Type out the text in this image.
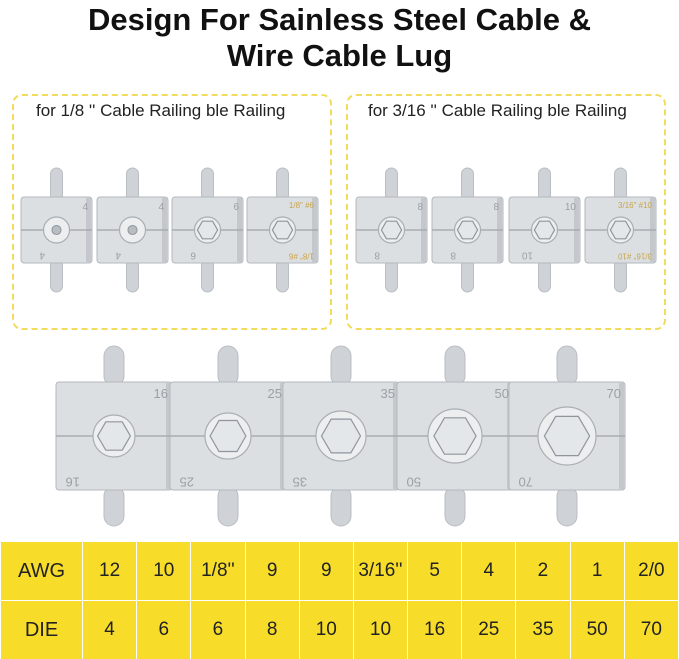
Design For Sainless Steel Cable &
Wire Cable Lug
for 1/8 '' Cable Railing ble Railing	for 3/16 '' Cable Railing ble Railing
4
4
4
4
6
6
1/8" #6
1/8" #6
8
8
8
8
10
10
3/16" #10
3/16" #10
16
16
25
25
35
35
50
50
70
70
AWG	12	10	1/8''	9	9	3/16''	5	4	2	1	2/0
DIE	4	6	6	8	10	10	16	25	35	50	70
